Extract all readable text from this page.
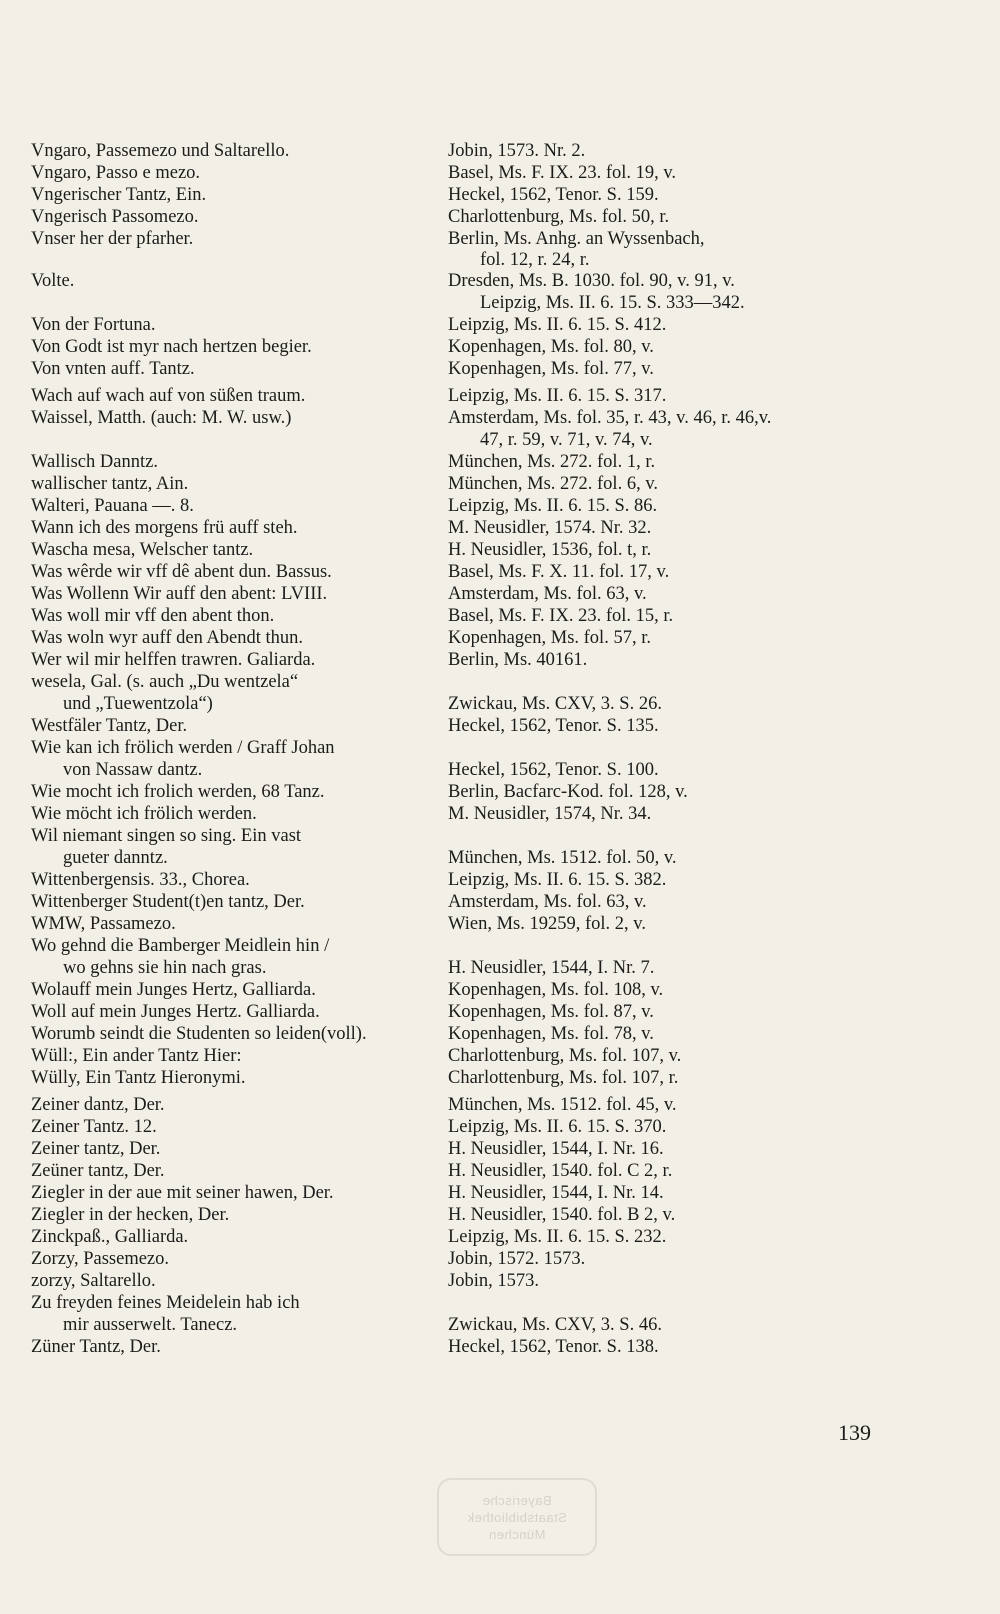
Vngaro, Passemezo und Saltarello.	Jobin, 1573. Nr. 2.
Vngaro, Passo e mezo.	Basel, Ms. F. IX. 23. fol. 19, v.
Vngerischer Tantz, Ein.	Heckel, 1562, Tenor. S. 159.
Vngerisch Passomezo.	Charlottenburg, Ms. fol. 50, r.
Vnser her der pfarher.	Berlin, Ms. Anhg. an Wyssenbach,
fol. 12, r. 24, r.
Volte.	Dresden, Ms. B. 1030. fol. 90, v. 91, v.
Leipzig, Ms. II. 6. 15. S. 333—342.
Von der Fortuna.	Leipzig, Ms. II. 6. 15. S. 412.
Von Godt ist myr nach hertzen begier.	Kopenhagen, Ms. fol. 80, v.
Von vnten auff. Tantz.	Kopenhagen, Ms. fol. 77, v.
Wach auf wach auf von süßen traum.	Leipzig, Ms. II. 6. 15. S. 317.
Waissel, Matth. (auch: M. W. usw.)	Amsterdam, Ms. fol. 35, r. 43, v. 46, r. 46,v.
47, r. 59, v. 71, v. 74, v.
Wallisch Danntz.	München, Ms. 272. fol. 1, r.
wallischer tantz, Ain.	München, Ms. 272. fol. 6, v.
Walteri, Pauana —. 8.	Leipzig, Ms. II. 6. 15. S. 86.
Wann ich des morgens frü auff steh.	M. Neusidler, 1574. Nr. 32.
Wascha mesa, Welscher tantz.	H. Neusidler, 1536, fol. t, r.
Was wêrde wir vff dê abent dun. Bassus.	Basel, Ms. F. X. 11. fol. 17, v.
Was Wollenn Wir auff den abent: LVIII.	Amsterdam, Ms. fol. 63, v.
Was woll mir vff den abent thon.	Basel, Ms. F. IX. 23. fol. 15, r.
Was woln wyr auff den Abendt thun.	Kopenhagen, Ms. fol. 57, r.
Wer wil mir helffen trawren. Galiarda.	Berlin, Ms. 40161.
wesela, Gal. (s. auch „Du wentzela“
und „Tuewentzola“)	Zwickau, Ms. CXV, 3. S. 26.
Westfäler Tantz, Der.	Heckel, 1562, Tenor. S. 135.
Wie kan ich frölich werden / Graff Johan
von Nassaw dantz.	Heckel, 1562, Tenor. S. 100.
Wie mocht ich frolich werden, 68 Tanz.	Berlin, Bacfarc-Kod. fol. 128, v.
Wie möcht ich frölich werden.	M. Neusidler, 1574, Nr. 34.
Wil niemant singen so sing. Ein vast
gueter danntz.	München, Ms. 1512. fol. 50, v.
Wittenbergensis. 33., Chorea.	Leipzig, Ms. II. 6. 15. S. 382.
Wittenberger Student(t)en tantz, Der.	Amsterdam, Ms. fol. 63, v.
WMW, Passamezo.	Wien, Ms. 19259, fol. 2, v.
Wo gehnd die Bamberger Meidlein hin /
wo gehns sie hin nach gras.	H. Neusidler, 1544, I. Nr. 7.
Wolauff mein Junges Hertz, Galliarda.	Kopenhagen, Ms. fol. 108, v.
Woll auf mein Junges Hertz. Galliarda.	Kopenhagen, Ms. fol. 87, v.
Worumb seindt die Studenten so leiden(voll).	Kopenhagen, Ms. fol. 78, v.
Wüll:, Ein ander Tantz Hier:	Charlottenburg, Ms. fol. 107, v.
Wülly, Ein Tantz Hieronymi.	Charlottenburg, Ms. fol. 107, r.
Zeiner dantz, Der.	München, Ms. 1512. fol. 45, v.
Zeiner Tantz. 12.	Leipzig, Ms. II. 6. 15. S. 370.
Zeiner tantz, Der.	H. Neusidler, 1544, I. Nr. 16.
Zeüner tantz, Der.	H. Neusidler, 1540. fol. C 2, r.
Ziegler in der aue mit seiner hawen, Der.	H. Neusidler, 1544, I. Nr. 14.
Ziegler in der hecken, Der.	H. Neusidler, 1540. fol. B 2, v.
Zinckpaß., Galliarda.	Leipzig, Ms. II. 6. 15. S. 232.
Zorzy, Passemezo.	Jobin, 1572. 1573.
zorzy, Saltarello.	Jobin, 1573.
Zu freyden feines Meidelein hab ich
mir ausserwelt. Tanecz.	Zwickau, Ms. CXV, 3. S. 46.
Züner Tantz, Der.	Heckel, 1562, Tenor. S. 138.
139
Bayerische
Staatsbibliothek
München
